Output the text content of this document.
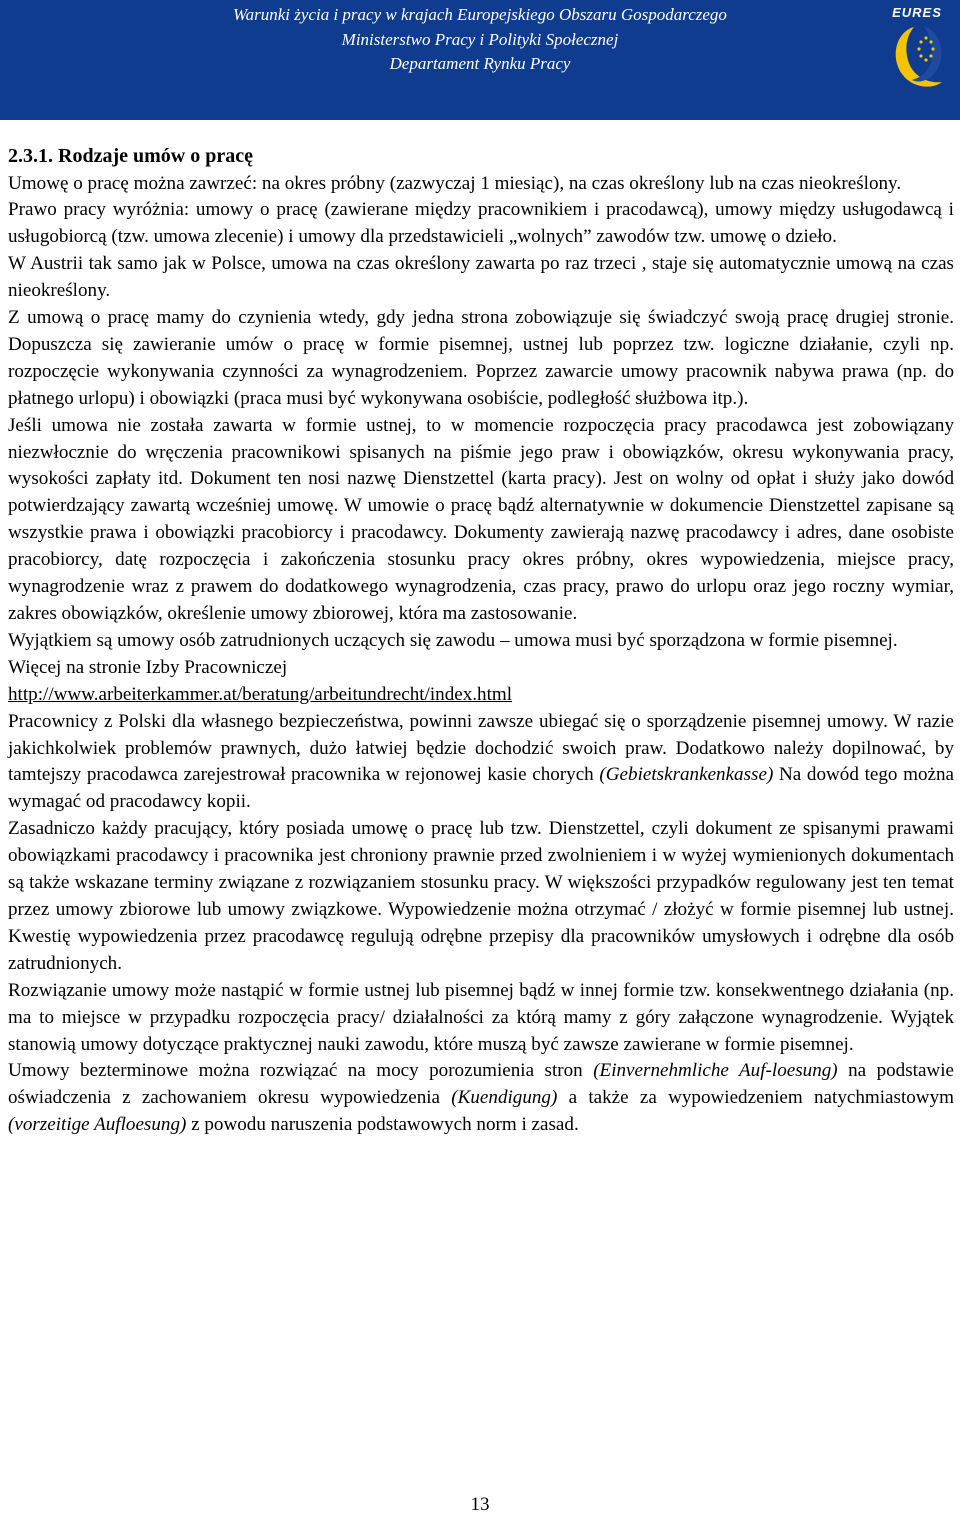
Warunki życia i pracy w krajach Europejskiego Obszaru Gospodarczego
Ministerstwo Pracy i Polityki Społecznej
Departament Rynku Pracy
EURES
2.3.1. Rodzaje umów o pracę

Umowę o pracę można zawrzeć: na okres próbny (zazwyczaj 1 miesiąc), na czas określony lub na czas nieokreślony.

Prawo pracy wyróżnia: umowy o pracę (zawierane między pracownikiem i pracodawcą), umowy między usługodawcą i usługobiorcą (tzw. umowa zlecenie) i umowy dla przedstawicieli „wolnych” zawodów tzw. umowę o dzieło.

W Austrii tak samo jak w Polsce, umowa na czas określony zawarta po raz trzeci , staje się automatycznie umową na czas nieokreślony.

Z umową o pracę mamy do czynienia wtedy, gdy jedna strona zobowiązuje się świadczyć swoją pracę drugiej stronie. Dopuszcza się zawieranie umów o pracę w formie pisemnej, ustnej lub poprzez tzw. logiczne działanie, czyli np. rozpoczęcie wykonywania czynności za wynagrodzeniem. Poprzez zawarcie umowy pracownik nabywa prawa (np. do płatnego urlopu) i obowiązki (praca musi być wykonywana osobiście, podległość służbowa itp.).

Jeśli umowa nie została zawarta w formie ustnej, to w momencie rozpoczęcia pracy pracodawca jest zobowiązany niezwłocznie do wręczenia pracownikowi spisanych na piśmie jego praw i obowiązków, okresu wykonywania pracy, wysokości zapłaty itd. Dokument ten nosi nazwę Dienstzettel (karta pracy). Jest on wolny od opłat i służy jako dowód potwierdzający zawartą wcześniej umowę. W umowie o pracę bądź alternatywnie w dokumencie Dienstzettel zapisane są wszystkie prawa i obowiązki pracobiorcy i pracodawcy. Dokumenty zawierają nazwę pracodawcy i adres, dane osobiste pracobiorcy, datę rozpoczęcia i zakończenia stosunku pracy okres próbny, okres wypowiedzenia, miejsce pracy, wynagrodzenie wraz z prawem do dodatkowego wynagrodzenia, czas pracy, prawo do urlopu oraz jego roczny wymiar, zakres obowiązków, określenie umowy zbiorowej, która ma zastosowanie.

Wyjątkiem są umowy osób zatrudnionych uczących się zawodu – umowa musi być sporządzona w formie pisemnej.

Więcej na stronie Izby Pracowniczej

http://www.arbeiterkammer.at/beratung/arbeitundrecht/index.html

Pracownicy z Polski dla własnego bezpieczeństwa, powinni zawsze ubiegać się o sporządzenie pisemnej umowy. W razie jakichkolwiek problemów prawnych, dużo łatwiej będzie dochodzić swoich praw. Dodatkowo należy dopilnować, by tamtejszy pracodawca zarejestrował pracownika w rejonowej kasie chorych (Gebietskrankenkasse) Na dowód tego można wymagać od pracodawcy kopii.

Zasadniczo każdy pracujący, który posiada umowę o pracę lub tzw. Dienstzettel, czyli dokument ze spisanymi prawami obowiązkami pracodawcy i pracownika jest chroniony prawnie przed zwolnieniem i w wyżej wymienionych dokumentach są także wskazane terminy związane z rozwiązaniem stosunku pracy. W większości przypadków regulowany jest ten temat przez umowy zbiorowe lub umowy związkowe. Wypowiedzenie można otrzymać / złożyć w formie pisemnej lub ustnej. Kwestię wypowiedzenia przez pracodawcę regulują odrębne przepisy dla pracowników umysłowych i odrębne dla osób zatrudnionych.

Rozwiązanie umowy może nastąpić w formie ustnej lub pisemnej bądź w innej formie tzw. konsekwentnego działania (np. ma to miejsce w przypadku rozpoczęcia pracy/ działalności za którą mamy z góry załączone wynagrodzenie. Wyjątek stanowią umowy dotyczące praktycznej nauki zawodu, które muszą być zawsze zawierane w formie pisemnej.

Umowy bezterminowe można rozwiązać na mocy porozumienia stron (Einvernehmliche Auf-loesung) na podstawie oświadczenia z zachowaniem okresu wypowiedzenia (Kuendigung) a także za wypowiedzeniem natychmiastowym (vorzeitige Aufloesung) z powodu naruszenia podstawowych norm i zasad.

13
